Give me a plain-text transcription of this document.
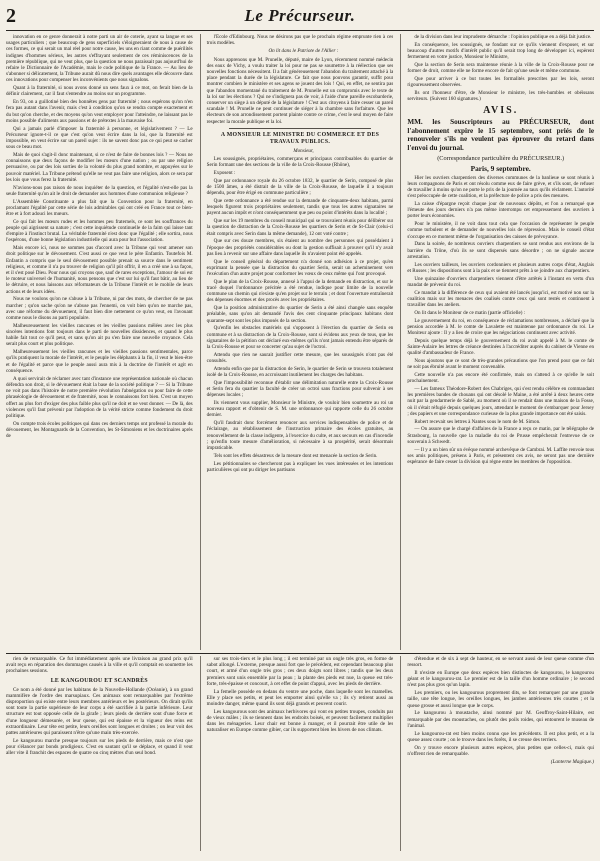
2	Le Précurseur.

innovation en ce genre donnerait à notre parti un air de coterie, ayant sa langue et ses usages particuliers ; que beaucoup de gens superficiels s'éloigneraient de nous à cause de ces formes, ce qui serait un mal réel pour notre cause, les uns en riant comme de puérilités indignes d'hommes sérieux, les autres s'effrayant seulement de ces réminiscences de la première république, qui ne veut plus, que la question ne nous paraissait pas aujourd'hui de refaire le Dictionnaire de l'Académie, mais le code politique de la France. — Au lieu de s'abonner si délicatement, la Tribune aurait dû nous dire quels avantages elle découvre dans ces innovations pour compenser les inconvénients que nous signalons.

Quant à la fraternité, si nous avons donné un sens faux à ce mot, on ferait bien de la définir clairement, car il faut s'entendre au moins sur un programme.

En 93, on a guillotiné bien des honnêtes gens par fraternité ; nous espérons qu'on n'en fera pas autant dans l'avenir, mais c'est à condition qu'on se rendra compte exactement et du but qu'on cherche, et des moyens qu'on veut employer pour l'atteindre, ne laissant pas le moins possible d'aliments aux passions et de prétextes à la mauvaise foi.

Qui a jamais parlé d'imposer la fraternité à personne, et législativement ? — Le Précurseur ignore-t-il ce que c'est qu'on veut écrire dans la loi, que la fraternité est impossible, en veut écrire sur un pareil sujet : ils ne savent donc pas ce qui peut se cacher sous ce beau mot.

Mais de quoi s'agit-il donc maintenant, si ce n'est de faire de bonnes lois ? — Nous ne connaissons que deux façons de modifier les mœurs d'une nation ; ou par une religion persuasive, ou par des lois sorties de la volonté du plus grand nombre, et appuyées sur le pouvoir matériel. La Tribune prétend qu'elle ne veut pas faire une religion, alors ce sera par les lois que vous ferez la fraternité.

N'avions-nous pas raison de nous inquiéter de la question, et l'égalité n'est-elle pas la seule fraternité qu'on ait le droit de demander aux hommes d'une communion religieuse ?

L'Assemblée Constituante a plus fait que la Convention pour la fraternité, en proclamant l'égalité par cette série de lois admirables qui ont créé en France tout ce bien-être et à fort adouci les mœurs.

Ce qui fait les mœurs rudes et les hommes peu fraternels, ce sont les souffrances du peuple qui aigrissent sa nature ; c'est cette inquiétude continuelle de la faim qui laisse tant d'empire à l'instinct brutal. La véritable fraternité n'est donc que l'égalité ; elle sortira, nous l'espérons, d'une bonne législation industrielle qui aura pour but l'association.

Mais encore ici, nous ne sommes pas d'accord avec la Tribune qui veut amener son droit politique sur le dévouement. C'est aussi ce que veut le père Enfantin. Toutefois M. Enfantin a compris que le seul dévouement possible prenait sa source dans le sentiment religieux, et comme il n'a pu trouver de religion qu'il pût offrir, il en a créé une à sa façon, et il s'est posé Dieu. Pour nous qui croyons que, sauf de rares exceptions, l'amour de soi est le moteur universel de l'humanité, nous pensons que c'est sur lui qu'il faut bâtir, au lieu de le détruire, et nous laissons aux réformateurs de la Tribune l'intérêt et le mobile de leurs actions et de leurs idées.

Nous ne voulons qu'on ne s'abuse à la Tribune, ni par des mots, de chercher de ne pas marcher ; qu'on sache qu'on ne s'abuse pas l'ennemi, on voit bien qu'on ne marche pas, avec une réforme du dévouement, il faut bien dire nettement ce qu'on veut, en l'avouant comme nous le disons au parti populaire.

Malheureusement les vieilles rancunes et les vieilles passions mêlées avec les plus sincères intentions font toujours dans le parti de nouvelles dissidences, et quand le plus habile fait tout ce qu'il peut, et sans qu'on ait pu s'en faire une nouvelle croyance. Cela serait plus court et plus politique.

Malheureusement les vieilles rancunes et les vieilles passions sentimentales, parce qu'ils pratiquent la morale de l'intérêt, et le peuple les éléphants à la fin, il veut le bien-être et de l'égalité et parce que le peuple aussi aura mis à la doctrine de l'intérêt et agit en conséquence.

A quoi servirait de réclamer avec tant d'instance une représentation nationale où chacun défendra son droit, si le dévouement était la base de la société politique ? — Si la Tribune ne voit pas dans l'histoire de notre première révolution l'abnégation ou pour faire de cette phraséologie de dévouement et de fraternité, nous le connaissons fort bien. C'est un moyen offert au plus fort d'exiger des plus faible plus qu'il ne doit et ne veut donner. — De là, des violences qu'il faut prévenir par l'adoption de la vérité stricte comme fondement du droit politique.

On compte trois écoles politiques qui dans ces derniers temps ont professé la morale du dévouement, les Montagnards de la Convention, les St-Simoniens et les doctrinaires après de

l'École d'Edinbourg. Nous ne désirons pas que le prochain régime emprunte rien à ces trois modèles.

On lit dans le Patriote de l'Allier :

Nous apprenons que M. Prunelle, député, maire de Lyon, récemment nommé médecin des eaux de Vichy, a voulu traiter la loi pour ne pas se soumettre à la réélection que ses nouvelles fonctions nécessitent. Il a fait généreusement l'abandon du traitement attaché à la place pendant la durée de la législature. Ce fait que nous pouvons garantir, suffit pour montrer combien le ministère et ses agens se jouent des lois ! Qui, en effet, ne sentira pas que l'abandon momentané du traitement de M. Prunelle est un compromis avec le texte de la loi sur les élections ? Qui ne s'indignera pas de voir, à l'aide d'une pareille escobarderie, conserver un siège à un député de la législature ! C'est aux citoyens à faire cesser un pareil scandale ! M. Prunelle ne peut continuer de siéger à la chambre sans forfaiture. Que les électeurs de son arrondissement portent plainte contre ce crime, c'est le seul moyen de faire respecter la morale publique et la loi.

A MONSIEUR LE MINISTRE DU COMMERCE ET DES TRAVAUX PUBLICS.

Monsieur,

Les soussignés, propriétaires, commerçans et principaux contribuables du quartier de Serin formant une des sections de la ville de la Croix-Rousse (Rhône),

Exposent :

Que par ordonnance royale du 26 octobre 1832, le quartier de Serin, composé de plus de 1500 âmes, a été distrait de la ville de la Croix-Rousse, de laquelle il a toujours dépendu, pour être érigé en commune particulière ;

Que cette ordonnance a été rendue sur la demande de cinquante-deux habitans, parmi lesquels figurent trois propriétaires seulement, tandis que tous les autres signataires ne payent aucun impôt et n'ont conséquemment que peu ou point d'intérêts dans la localité ;

Que sur les 19 membres du conseil municipal qui se trouvaient réunis pour délibérer sur la question de distraction de la Croix-Rousse les quartiers de Serin et de St-Clair (celui-ci était compris avec Serin dans la même demande), 12 ont voté contre ;

Que sur ces douze membres, six étaient au nombre des personnes qui possédaient à l'époque des propriétés considérables ou dont la gestion suffisait à prouver qu'il n'y avait pas lieu à revenir sur une affaire dans laquelle ils n'avaient point été appelés.

Que le conseil général du département n'a donné son adhésion à ce projet, qu'en exprimant la pensée que la distraction du quartier Serin, serait un acheminement vers l'exécution d'un autre projet pour conformer les vœux de ceux même qui l'ont provoqué.

Que le plan de la Croix-Rousse, annexé à l'appui de la demande en distraction, et sur le tracé duquel l'ordonnance précitée a été rendue, indique pour limite de la nouvelle commune un chemin qui n'existe qu'en projet sur le terrain ; et dont l'ouverture entraînerait des dépenses énormes et des procès avec les propriétaires.

Que la position administrative du quartier de Serin a été ainsi changée sans enquête préalable, sans qu'on ait demandé l'avis des cent cinquante principaux habitans dont quarante-sept sont les plus imposés de la section.

Qu'enfin les obstacles matériels qui s'opposent à l'érection du quartier de Serin en commune et à sa distraction de la Croix-Rousse, sont si évidens aux yeux de tous, que les signataires de la pétition ont déclaré eux-mêmes qu'ils n'ont jamais entendu être séparés de la Croix-Rousse et pour se concerter qu'au sujet de l'octroi.

Attendu que rien ne saurait justifier cette mesure, que les soussignés n'ont pas été consultés.

Attendu enfin que par la distraction de Serin, le quartier de Serin se trouvera totalement isolé de la Croix-Rousse, en accroissant inutilement les charges des habitans.

Que l'impossibilité reconnue d'établir une délimitation naturelle entre la Croix-Rousse et Serin fera du quartier la faculté de créer un octroi sans fractions pour subvenir à ses dépenses locales ;

Ils viennent vous supplier, Monsieur le Ministre, de vouloir bien soumettre au roi un nouveau rapport et d'obtenir de S. M. une ordonnance qui rapporte celle du 26 octobre dernier.

Qu'il faudrait donc forcément renoncer aux services indispensables de police et de l'éclairage, au rétablissement de l'instruction primaire des écoles gratuites, au renouvellement de la classe indigente, à l'exercice du culte, et aux secours en cas d'incendie ; qu'enfin toute mesure d'amélioration, si nécessaire à sa prospérité, serait désormais impraticable.

Tels sont les effets désastreux de la mesure dont est menacée la section de Serin.

Les pétitionnaires se chercheront pas à expliquer les vues intéressées et les intentions particulières qui ont pu diriger les partisans

de la division dans leur imprudente démarche : l'opinion publique en a déjà fait justice.

En conséquence, les soussignés, se fondant sur ce qu'ils viennent d'exposer, et sur beaucoup d'autres motifs d'intérêt public qu'il serait trop long de développer ici, espèrent fermement en votre justice, Monsieur le Ministre,

Que la section de Serin sera maintenue réunie à la ville de la Croix-Rousse pour ne former de droit, comme elle ne forme encore de fait qu'une seule et même commune.

Que pour arriver à ce but toutes les formalités prescrites par les lois, seront rigoureusement observées.

Ils ont l'honneur d'être, de Monsieur le ministre, les très-humbles et obéissans serviteurs. (Suivent 160 signatures.)

AVIS.
MM. les Souscripteurs au PRÉCURSEUR, dont l'abonnement expire le 15 septembre, sont priés de le renouveler s'ils ne veulent pas éprouver du retard dans l'envoi du journal.
(Correspondance particulière du PRÉCURSEUR.)
Paris, 9 septembre.

Hier les ouvriers charpentiers des diverses communes de la banlieue se sont réunis à leurs compagnons de Paris et ont résolu comme eux de faire grève, et s'ils sont, de refuser de travailler à moins qu'on ne porte le prix de la journée au taux qu'ils réclament. L'autorité s'est préoccupée de cette coalition, et la préfecture de police a pris des mesures.

La caisse d'épargne reçoit chaque jour de nouveaux dépôts, et l'on a remarqué que l'émeute des jours derniers n'a pas même interrompu cet empressement des ouvriers à porter leurs économies.

Pour le ministère, il ne voit dans tout cela que l'occasion de représenter le peuple comme turbulent et de demander de nouvelles lois de répression. Mais le conseil d'état s'occupe en ce moment même de l'organisation des caisses de prévoyance.

Dans la soirée, de nombreux ouvriers charpentiers se sont rendus aux environs de la barrière du Trône, d'où ils se sont dispersés sans désordre ; on ne signale aucune arrestation.

Les ouvriers tailleurs, les ouvriers cordonniers et plusieurs autres corps d'état, Anglais et Russes ; les dispositions sont à la paix et se tiennent prêts à se joindre aux charpentiers.

Une quinzaine d'ouvriers charpentiers viennent d'être arrêtés à l'instant en vertu d'un mandat de prévenir du roi.

Ce mandat à la différence de ceux qui avaient été lancés jusqu'ici, est motivé non sur la coalition mais sur les menaces des coalisés contre ceux qui sont restés et continuent à travailler dans les ateliers.

On lit dans le Moniteur de ce matin (partie officielle) :

Le gouvernement du roi, en conséquence de réclamations nombreuses, a déclaré que la pension accordée à M. le comte de Lavalette est maintenue par ordonnance du roi. Le Moniteur ajoute : Il y a lieu de croire que les négociations continuent avec activité.

Depuis quelque temps déjà le gouvernement du roi avait appelé à M. le comte de Sainte-Aulaire les lettres de créance destinées à l'accréditer auprès du cabinet de Vienne en qualité d'ambassadeur de France.

Nous ajoutons que ce sont de très-grandes précautions que l'on prend pour que ce fait ne soit pas ébruité avant le moment convenable.

Cette nouvelle n'a pas encore été confirmée, mais on s'attend à ce qu'elle le soit prochainement.

— Les fameux Théodore-Robert des Chabriges, qui s'est rendu célèbre en commandant les premières bandes de chouans qui ont désolé le Maine, a été arrêté à deux heures cette nuit par la gendarmerie de Sablé, au moment où il se rendait dans une maison de la Fosse, où il s'était réfugié depuis quelques jours, attendant le moment de s'embarquer pour Jersey ; des papiers et une correspondance curieuse de la plus grande importance ont été saisis.

Robert recevait ses lettres à Nantes sous le nom de M. Simon.

— On assure que le chargé d'affaires de la France a reçu ce matin, par le télégraphe de Strasbourg, la nouvelle que la maladie du roi de Prusse empêcherait l'entrevue de ce souverain à Schwedt.

— Il y a un bien sûr un évêque nommé archevêque de Cambrai. M. Laffite renvoie tous ses amis politiques, présens à Paris, et présentent ces avis, ne seront pas une dernière espérance de faire cesser la division qui règne entre les membres de l'opposition.

rien de remarquable. Ce fut immédiatement après une livraison au grand prix qu'il avait reçu en réparation des dommages causés à la ville et qu'il comptait en soumettre les prochaines sessions.

LE KANGOUROU ET SCANDRÈS

Ce nom a été donné par les habitans de la Nouvelle-Hollande (Océanie), à un grand mammifère de l'ordre des marsupiaux. Ces animaux sont remarquables par l'extrême disproportion qui existe entre leurs membres antérieurs et les postérieurs. On dirait qu'ils sont toute la partie supérieure de leur corps a été sacrifiée à la partie inférieure. Leur structure est tout opposée celle de la girafe ; leurs pieds de derrière sont d'une force et d'une longueur démesurée, et leur queue, qui est épaisse et la vigueur des reins est extraordinaire. Leur tête est petite, leurs oreilles sont longues et droites ; on leur voit des pattes antérieures qui paraissent n'être qu'une main très-exercée.

Le kangourou marche presque toujours sur les pieds de derrière, mais ce n'est que pour s'élancer par bonds prodigieux. C'est en sautant qu'il se déplace, et quand il veut aller vite il franchit des espaces de quatre ou cinq mètres d'un seul bond.

sur ses trois-tiers et le plus long ; il est terminé par un ongle très gros, en forme de sabot allongé. L'externe, presque aussi fort que le précédent, est cependant beaucoup plus court, et armé d'un ongle très gros ; ces deux doigts sont libres ; tandis que les deux premiers sont unis ensemble par la peau ; la plante des pieds est nue, la queue est très-forte, très-épaisse et concourt, à cet effet de point d'appui, avec les pieds de derrière.

La femelle possède en dedans du ventre une poche, dans laquelle sont les mamelles. Elle y place ses petits, et peut les emporter ainsi qu'elle va ; ils s'y retirent aussi au moindre danger, même quand ils sont déjà grands et peuvent courir.

Les kangourous sont des animaux herbivores qui vont en petites troupes, conduits par de vieux mâles ; ils se tiennent dans les endroits boisés, et peuvent facilement multiplier dans les ménageries. Leur chair est bonne à manger, et il pourrait être utile de les naturaliser en Europe comme gibier, car ils supportent bien les hivers de nos climats.

d'étendue et de six à sept de hauteur, en se servant aussi de leur queue comme d'un ressort.

Il n'existe en Europe que deux espèces bien distinctes de kangourou, le kangourou géant et le kangourou-rat. Le premier est de la taille d'un homme ordinaire ; le second n'est pas plus gros qu'un lapin.

Les premiers, ou les kangourous proprement dits, se font remarquer par une grande taille, une tête longue, les oreilles longues, les jambes antérieures très courtes ; et la queue grosse et aussi longue que le corps.

Le kangourou à moustache, ainsi nommé par M. Geoffroy-Saint-Hilaire, est remarquable par des moustaches, ou plutôt des poils roides, qui entourent le museau de l'animal.

Le kangourou-rat est bien moins connu que les précédents. Il est plus petit, et a la queue assez courte ; on le trouve dans les forêts, il se creuse des terriers.

On y trouve encore plusieurs autres espèces, plus petites que celles-ci, mais qui n'offrent rien de remarquable.

(Lanterne Magique.)
